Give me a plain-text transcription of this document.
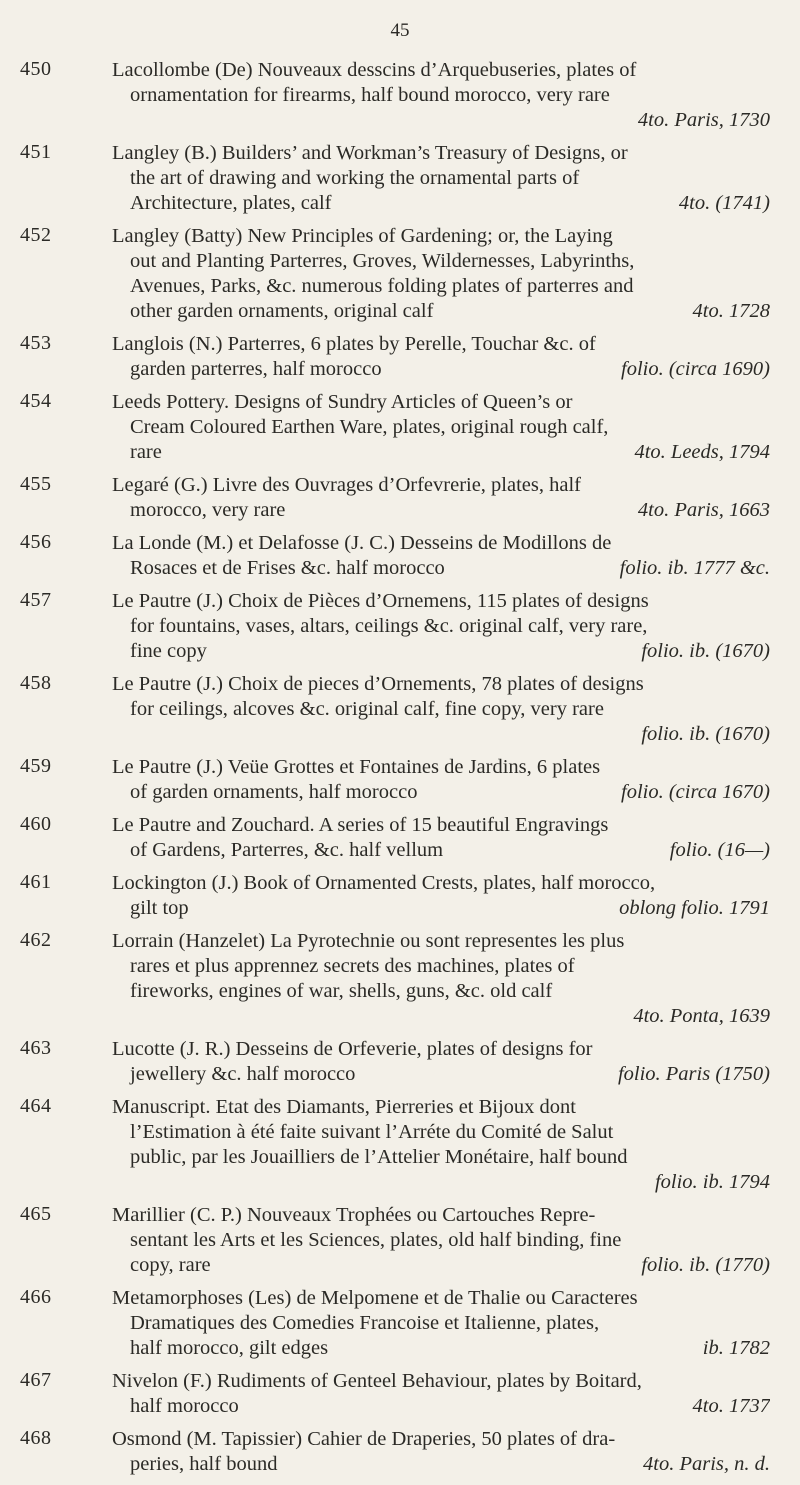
45
450	Lacollombe (De) Nouveaux desscins d’Arquebuseries, plates of
ornamentation for firearms, half bound morocco, very rare
4to. Paris, 1730
451	Langley (B.) Builders’ and Workman’s Treasury of Designs, or
the art of drawing and working the ornamental parts of
Architecture, plates, calf	4to. (1741)
452	Langley (Batty) New Principles of Gardening; or, the Laying
out and Planting Parterres, Groves, Wildernesses, Labyrinths,
Avenues, Parks, &c. numerous folding plates of parterres and
other garden ornaments, original calf	4to. 1728
453	Langlois (N.) Parterres, 6 plates by Perelle, Touchar &c. of
garden parterres, half morocco	folio. (circa 1690)
454	Leeds Pottery. Designs of Sundry Articles of Queen’s or
Cream Coloured Earthen Ware, plates, original rough calf,
rare	4to. Leeds, 1794
455	Legaré (G.) Livre des Ouvrages d’Orfevrerie, plates, half
morocco, very rare	4to. Paris, 1663
456	La Londe (M.) et Delafosse (J. C.) Desseins de Modillons de
Rosaces et de Frises &c. half morocco	folio. ib. 1777 &c.
457	Le Pautre (J.) Choix de Pièces d’Ornemens, 115 plates of designs
for fountains, vases, altars, ceilings &c. original calf, very rare,
fine copy	folio. ib. (1670)
458	Le Pautre (J.) Choix de pieces d’Ornements, 78 plates of designs
for ceilings, alcoves &c. original calf, fine copy, very rare
folio. ib. (1670)
459	Le Pautre (J.) Veüe Grottes et Fontaines de Jardins, 6 plates
of garden ornaments, half morocco	folio. (circa 1670)
460	Le Pautre and Zouchard. A series of 15 beautiful Engravings
of Gardens, Parterres, &c. half vellum	folio. (16—)
461	Lockington (J.) Book of Ornamented Crests, plates, half morocco,
gilt top	oblong folio. 1791
462	Lorrain (Hanzelet) La Pyrotechnie ou sont representes les plus
rares et plus apprennez secrets des machines, plates of
fireworks, engines of war, shells, guns, &c. old calf
4to. Ponta, 1639
463	Lucotte (J. R.) Desseins de Orfeverie, plates of designs for
jewellery &c. half morocco	folio. Paris (1750)
464	Manuscript. Etat des Diamants, Pierreries et Bijoux dont
l’Estimation à été faite suivant l’Arréte du Comité de Salut
public, par les Jouailliers de l’Attelier Monétaire, half bound
folio. ib. 1794
465	Marillier (C. P.) Nouveaux Trophées ou Cartouches Repre-
sentant les Arts et les Sciences, plates, old half binding, fine
copy, rare	folio. ib. (1770)
466	Metamorphoses (Les) de Melpomene et de Thalie ou Caracteres
Dramatiques des Comedies Francoise et Italienne, plates,
half morocco, gilt edges	ib. 1782
467	Nivelon (F.) Rudiments of Genteel Behaviour, plates by Boitard,
half morocco	4to. 1737
468	Osmond (M. Tapissier) Cahier de Draperies, 50 plates of dra-
peries, half bound	4to. Paris, n. d.
